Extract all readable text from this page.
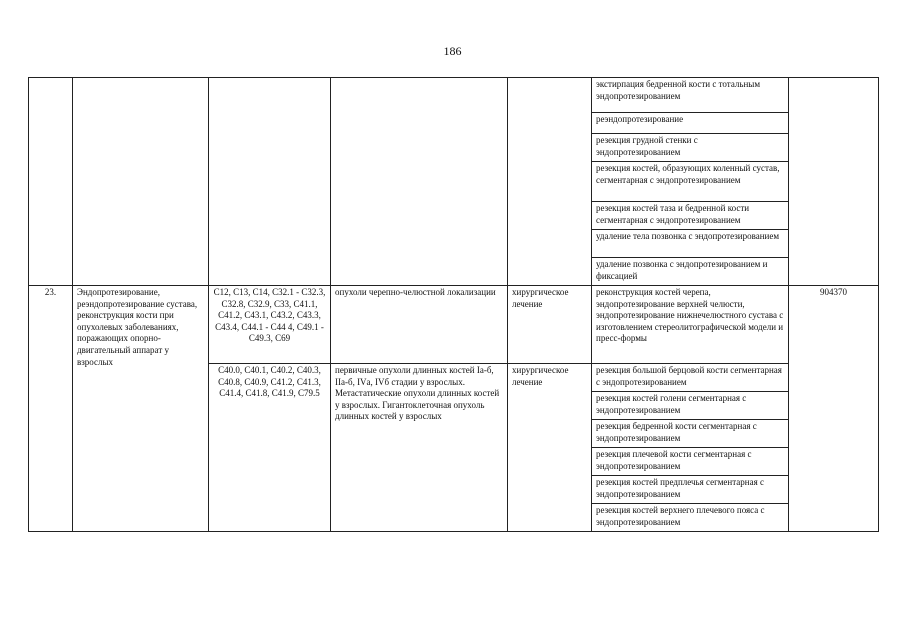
186
					экстирпация бедренной кости с тотальным эндопротезированием	
					реэндопротезирование	
					резекция грудной стенки с эндопротезированием	
					резекция костей, образующих коленный сустав, сегментарная с эндопротезированием	
					резекция костей таза и бедренной кости сегментарная с эндопротезированием	
					удаление тела позвонка с эндопротезированием	
					удаление позвонка с эндопротезированием и фиксацией	
23.	Эндопротезирование, реэндопротезирование сустава, реконструкция кости при опухолевых заболеваниях, поражающих опорно-двигательный аппарат у взрослых	C12, C13, C14, C32.1 - C32.3, C32.8, C32.9, C33, C41.1, C41.2, C43.1, C43.2, C43.3, C43.4, C44.1 - C44 4, C49.1 - C49.3, C69	опухоли черепно-челюстной локализации	хирургическое лечение	реконструкция костей черепа, эндопротезирование верхней челюсти, эндопротезирование нижнечелюстного сустава с изготовлением стереолитографической модели и пресс-формы	904370
		C40.0, C40.1, C40.2, C40.3, C40.8, C40.9, C41.2, C41.3, C41.4, C41.8, C41.9, C79.5	первичные опухоли длинных костей Iа-б, IIа-б, IVа, IVб стадии у взрослых. Метастатические опухоли длинных костей у взрослых. Гигантоклеточная опухоль длинных костей у взрослых	хирургическое лечение	резекция большой берцовой кости сегментарная с эндопротезированием	
					резекция костей голени сегментарная с эндопротезированием	
					резекция бедренной кости сегментарная с эндопротезированием	
					резекция плечевой кости сегментарная с эндопротезированием	
					резекция костей предплечья сегментарная с эндопротезированием	
					резекция костей верхнего плечевого пояса с эндопротезированием	
